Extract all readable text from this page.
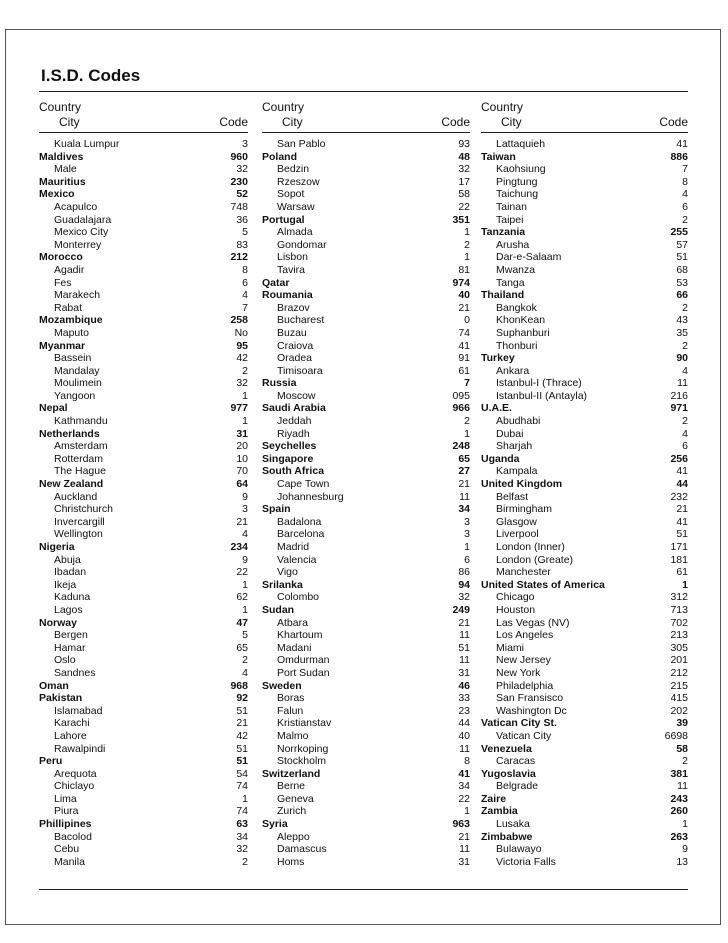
I.S.D. Codes
Country
City	Code
Kuala Lumpur	3
Maldives	960
Male	32
Mauritius	230
Mexico	52
Acapulco	748
Guadalajara	36
Mexico City	5
Monterrey	83
Morocco	212
Agadir	8
Fes	6
Marakech	4
Rabat	7
Mozambique	258
Maputo	No
Myanmar	95
Bassein	42
Mandalay	2
Moulimein	32
Yangoon	1
Nepal	977
Kathmandu	1
Netherlands	31
Amsterdam	20
Rotterdam	10
The Hague	70
New Zealand	64
Auckland	9
Christchurch	3
Invercargill	21
Wellington	4
Nigeria	234
Abuja	9
Ibadan	22
Ikeja	1
Kaduna	62
Lagos	1
Norway	47
Bergen	5
Hamar	65
Oslo	2
Sandnes	4
Oman	968
Pakistan	92
Islamabad	51
Karachi	21
Lahore	42
Rawalpindi	51
Peru	51
Arequota	54
Chiclayo	74
Lima	1
Piura	74
Phillipines	63
Bacolod	34
Cebu	32
Manila	2
Country
City	Code
San Pablo	93
Poland	48
Bedzin	32
Rzeszow	17
Sopot	58
Warsaw	22
Portugal	351
Almada	1
Gondomar	2
Lisbon	1
Tavira	81
Qatar	974
Roumania	40
Brazov	21
Bucharest	0
Buzau	74
Craiova	41
Oradea	91
Timisoara	61
Russia	7
Moscow	095
Saudi Arabia	966
Jeddah	2
Riyadh	1
Seychelles	248
Singapore	65
South Africa	27
Cape Town	21
Johannesburg	11
Spain	34
Badalona	3
Barcelona	3
Madrid	1
Valencia	6
Vigo	86
Srilanka	94
Colombo	32
Sudan	249
Atbara	21
Khartoum	11
Madani	51
Omdurman	11
Port Sudan	31
Sweden	46
Boras	33
Falun	23
Kristianstav	44
Malmo	40
Norrkoping	11
Stockholm	8
Switzerland	41
Berne	34
Geneva	22
Zurich	1
Syria	963
Aleppo	21
Damascus	11
Homs	31
Country
City	Code
Lattaquieh	41
Taiwan	886
Kaohsiung	7
Pingtung	8
Taichung	4
Tainan	6
Taipei	2
Tanzania	255
Arusha	57
Dar-e-Salaam	51
Mwanza	68
Tanga	53
Thailand	66
Bangkok	2
KhonKean	43
Suphanburi	35
Thonburi	2
Turkey	90
Ankara	4
Istanbul-I (Thrace)	11
Istanbul-II (Antayla)	216
U.A.E.	971
Abudhabi	2
Dubai	4
Sharjah	6
Uganda	256
Kampala	41
United Kingdom	44
Belfast	232
Birmingham	21
Glasgow	41
Liverpool	51
London (Inner)	171
London (Greate)	181
Manchester	61
United States of America	1
Chicago	312
Houston	713
Las Vegas (NV)	702
Los Angeles	213
Miami	305
New Jersey	201
New York	212
Philadelphia	215
San Fransisco	415
Washington Dc	202
Vatican City St.	39
Vatican City	6698
Venezuela	58
Caracas	2
Yugoslavia	381
Belgrade	11
Zaire	243
Zambia	260
Lusaka	1
Zimbabwe	263
Bulawayo	9
Victoria Falls	13
